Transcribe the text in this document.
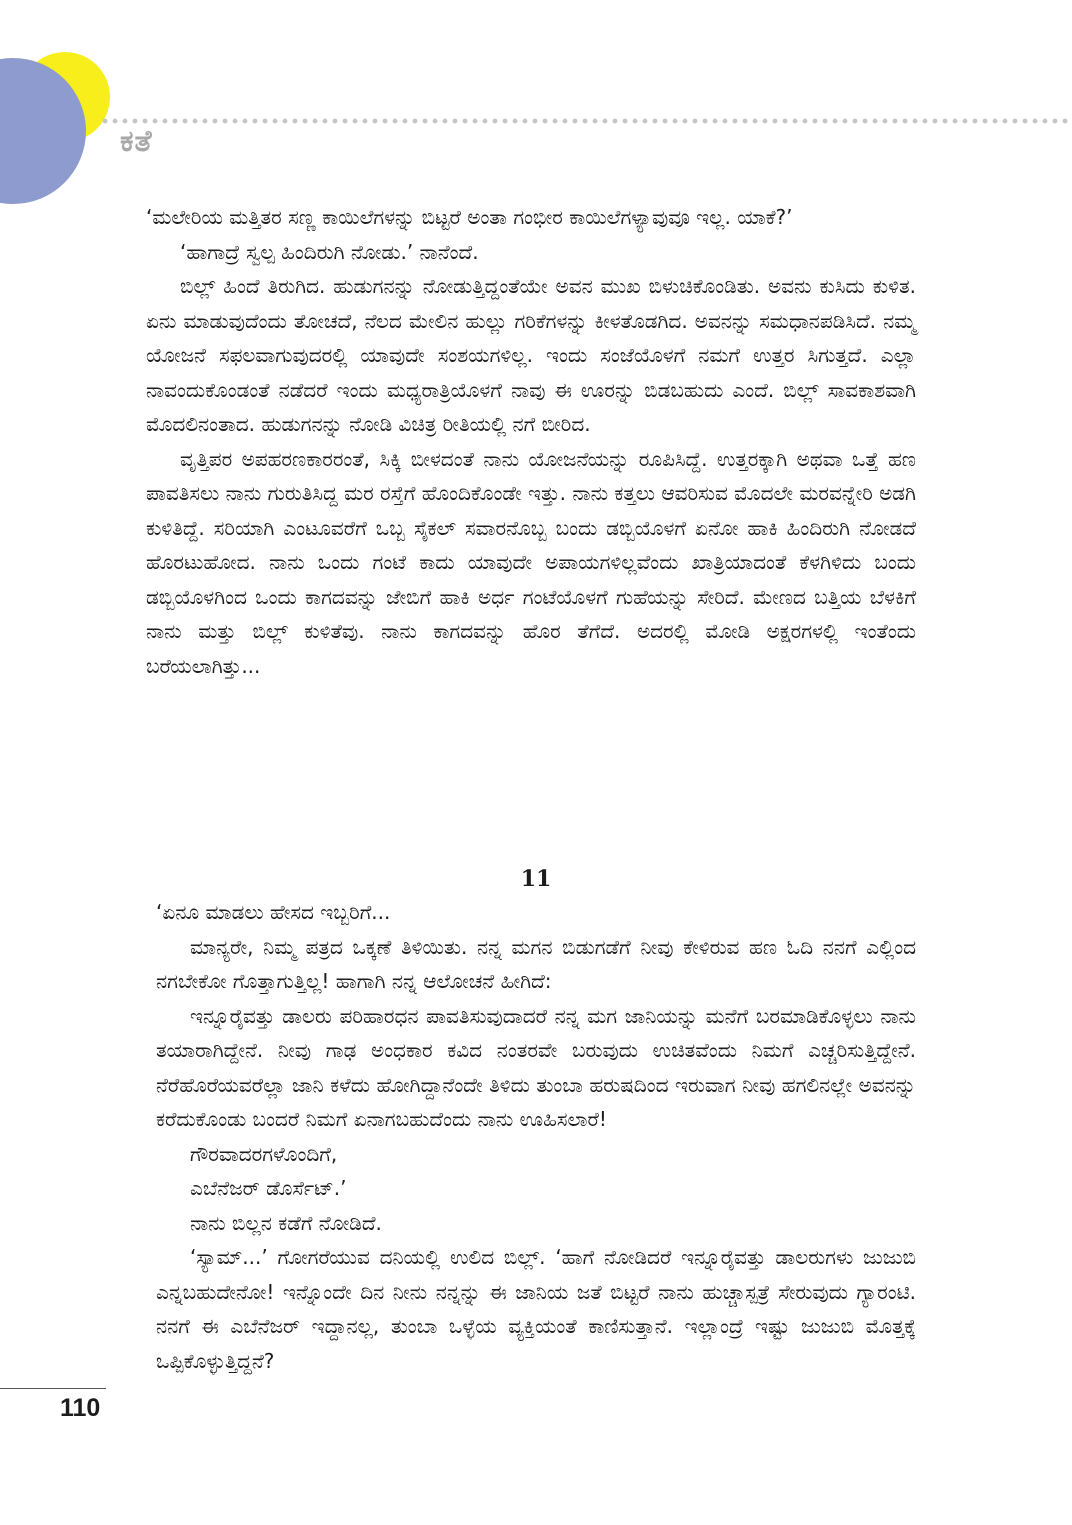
ಕತೆ

‘ಮಲೇರಿಯ ಮತ್ತಿತರ ಸಣ್ಣ ಕಾಯಿಲೆಗಳನ್ನು ಬಿಟ್ಟರೆ ಅಂತಾ ಗಂಭೀರ ಕಾಯಿಲೆಗಳ್ಯಾವುವೂ ಇಲ್ಲ. ಯಾಕೆ?’

‘ಹಾಗಾದ್ರೆ ಸ್ವಲ್ಪ ಹಿಂದಿರುಗಿ ನೋಡು.’ ನಾನೆಂದೆ.

ಬಿಲ್ಲ್ ಹಿಂದೆ ತಿರುಗಿದ. ಹುಡುಗನನ್ನು ನೋಡುತ್ತಿದ್ದಂತೆಯೇ ಅವನ ಮುಖ ಬಿಳುಚಿಕೊಂಡಿತು. ಅವನು ಕುಸಿದು ಕುಳಿತ. ಏನು ಮಾಡುವುದೆಂದು ತೋಚದೆ, ನೆಲದ ಮೇಲಿನ ಹುಲ್ಲು ಗರಿಕೆಗಳನ್ನು ಕೀಳತೊಡಗಿದ. ಅವನನ್ನು ಸಮಧಾನಪಡಿಸಿದೆ. ನಮ್ಮ ಯೋಜನೆ ಸಫಲವಾಗುವುದರಲ್ಲಿ ಯಾವುದೇ ಸಂಶಯಗಳಿಲ್ಲ. ಇಂದು ಸಂಜೆಯೊಳಗೆ ನಮಗೆ ಉತ್ತರ ಸಿಗುತ್ತದೆ. ಎಲ್ಲಾ ನಾವಂದುಕೊಂಡಂತೆ ನಡೆದರೆ ಇಂದು ಮಧ್ಯರಾತ್ರಿಯೊಳಗೆ ನಾವು ಈ ಊರನ್ನು ಬಿಡಬಹುದು ಎಂದೆ. ಬಿಲ್ಲ್ ಸಾವಕಾಶವಾಗಿ ಮೊದಲಿನಂತಾದ. ಹುಡುಗನನ್ನು ನೋಡಿ ವಿಚಿತ್ರ ರೀತಿಯಲ್ಲಿ ನಗೆ ಬೀರಿದ.

ವೃತ್ತಿಪರ ಅಪಹರಣಕಾರರಂತೆ, ಸಿಕ್ಕಿ ಬೀಳದಂತೆ ನಾನು ಯೋಜನೆಯನ್ನು ರೂಪಿಸಿದ್ದೆ. ಉತ್ತರಕ್ಕಾಗಿ ಅಥವಾ ಒತ್ತೆ ಹಣ ಪಾವತಿಸಲು ನಾನು ಗುರುತಿಸಿದ್ದ ಮರ ರಸ್ತೆಗೆ ಹೊಂದಿಕೊಂಡೇ ಇತ್ತು. ನಾನು ಕತ್ತಲು ಆವರಿಸುವ ಮೊದಲೇ ಮರವನ್ನೇರಿ ಅಡಗಿ ಕುಳಿತಿದ್ದೆ. ಸರಿಯಾಗಿ ಎಂಟೂವರೆಗೆ ಒಬ್ಬ ಸೈಕಲ್ ಸವಾರನೊಬ್ಬ ಬಂದು ಡಬ್ಬಿಯೊಳಗೆ ಏನೋ ಹಾಕಿ ಹಿಂದಿರುಗಿ ನೋಡದೆ ಹೊರಟುಹೋದ. ನಾನು ಒಂದು ಗಂಟೆ ಕಾದು ಯಾವುದೇ ಅಪಾಯಗಳಿಲ್ಲವೆಂದು ಖಾತ್ರಿಯಾದಂತೆ ಕೆಳಗಿಳಿದು ಬಂದು ಡಬ್ಬಿಯೊಳಗಿಂದ ಒಂದು ಕಾಗದವನ್ನು ಜೇಬಿಗೆ ಹಾಕಿ ಅರ್ಧ ಗಂಟೆಯೊಳಗೆ ಗುಹೆಯನ್ನು ಸೇರಿದೆ. ಮೇಣದ ಬತ್ತಿಯ ಬೆಳಕಿಗೆ ನಾನು ಮತ್ತು ಬಿಲ್ಲ್ ಕುಳಿತೆವು. ನಾನು ಕಾಗದವನ್ನು ಹೊರ ತೆಗೆದೆ. ಅದರಲ್ಲಿ ಮೋಡಿ ಅಕ್ಷರಗಳಲ್ಲಿ ಇಂತೆಂದು ಬರೆಯಲಾಗಿತ್ತು...

11

‘ಏನೂ ಮಾಡಲು ಹೇಸದ ಇಬ್ಬರಿಗೆ...

ಮಾನ್ಯರೇ, ನಿಮ್ಮ ಪತ್ರದ ಒಕ್ಕಣೆ ತಿಳಿಯಿತು. ನನ್ನ ಮಗನ ಬಿಡುಗಡೆಗೆ ನೀವು ಕೇಳಿರುವ ಹಣ ಓದಿ ನನಗೆ ಎಲ್ಲಿಂದ ನಗಬೇಕೋ ಗೊತ್ತಾಗುತ್ತಿಲ್ಲ! ಹಾಗಾಗಿ ನನ್ನ ಆಲೋಚನೆ ಹೀಗಿದೆ:

ಇನ್ನೂರೈವತ್ತು ಡಾಲರು ಪರಿಹಾರಧನ ಪಾವತಿಸುವುದಾದರೆ ನನ್ನ ಮಗ ಜಾನಿಯನ್ನು ಮನೆಗೆ ಬರಮಾಡಿಕೊಳ್ಳಲು ನಾನು ತಯಾರಾಗಿದ್ದೇನೆ. ನೀವು ಗಾಢ ಅಂಧಕಾರ ಕವಿದ ನಂತರವೇ ಬರುವುದು ಉಚಿತವೆಂದು ನಿಮಗೆ ಎಚ್ಚರಿಸುತ್ತಿದ್ದೇನೆ. ನೆರೆಹೊರೆಯವರೆಲ್ಲಾ ಜಾನಿ ಕಳೆದು ಹೋಗಿದ್ದಾನೆಂದೇ ತಿಳಿದು ತುಂಬಾ ಹರುಷದಿಂದ ಇರುವಾಗ ನೀವು ಹಗಲಿನಲ್ಲೇ ಅವನನ್ನು ಕರೆದುಕೊಂಡು ಬಂದರೆ ನಿಮಗೆ ಏನಾಗಬಹುದೆಂದು ನಾನು ಊಹಿಸಲಾರೆ!

ಗೌರವಾದರಗಳೊಂದಿಗೆ,

ಎಬೆನೆಜರ್ ಡೊರ್ಸೆಟ್.’

ನಾನು ಬಿಲ್ಲನ ಕಡೆಗೆ ನೋಡಿದೆ.

‘ಸ್ಯಾಮ್...’ ಗೋಗರೆಯುವ ದನಿಯಲ್ಲಿ ಉಲಿದ ಬಿಲ್ಲ್. ‘ಹಾಗೆ ನೋಡಿದರೆ ಇನ್ನೂರೈವತ್ತು ಡಾಲರುಗಳು ಜುಜುಬಿ ಎನ್ನಬಹುದೇನೋ! ಇನ್ನೊಂದೇ ದಿನ ನೀನು ನನ್ನನ್ನು ಈ ಜಾನಿಯ ಜತೆ ಬಿಟ್ಟರೆ ನಾನು ಹುಚ್ಚಾಸ್ಪತ್ರೆ ಸೇರುವುದು ಗ್ಯಾರಂಟಿ. ನನಗೆ ಈ ಎಬೆನೆಜರ್ ಇದ್ದಾನಲ್ಲ, ತುಂಬಾ ಒಳ್ಳೆಯ ವ್ಯಕ್ತಿಯಂತೆ ಕಾಣಿಸುತ್ತಾನೆ. ಇಲ್ಲಾಂದ್ರೆ ಇಷ್ಟು ಜುಜುಬಿ ಮೊತ್ತಕ್ಕೆ ಒಪ್ಪಿಕೊಳ್ಳುತ್ತಿದ್ದನೆ?

110
